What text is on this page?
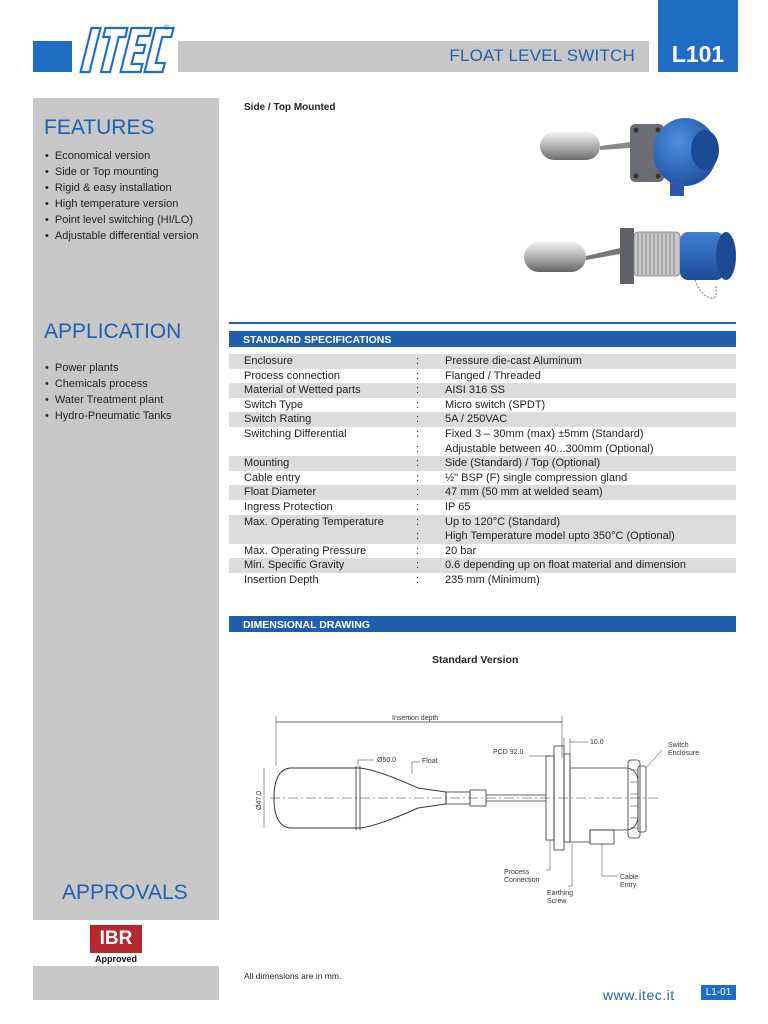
®
FLOAT LEVEL SWITCH	L101
FEATURES
• Economical version
• Side or Top mounting
• Rigid & easy installation
• High temperature version
• Point level switching (HI/LO)
• Adjustable differential version
APPLICATION
• Power plants
• Chemicals process
• Water Treatment plant
• Hydro-Pneumatic Tanks
APPROVALS
IBR
Approved
Side / Top Mounted
STANDARD SPECIFICATIONS
Enclosure	: Pressure die-cast Aluminum
Process connection	: Flanged / Threaded
Material of Wetted parts	: AISI 316 SS
Switch Type	: Micro switch (SPDT)
Switch Rating	: 5A / 250VAC
Switching Differential	: Fixed 3 – 30mm (max) ±5mm (Standard)
: Adjustable between 40...300mm (Optional)
Mounting	: Side (Standard) / Top (Optional)
Cable entry	: ½" BSP (F) single compression gland
Float Diameter	: 47 mm (50 mm at welded seam)
Ingress Protection	: IP 65
Max. Operating Temperature	: Up to 120°C (Standard)
: High Temperature model upto 350°C (Optional)
Max. Operating Pressure	: 20 bar
Min. Specific Gravity	: 0.6 depending up on float material and dimension
Insertion Depth	: 235 mm (Minimum)
DIMENSIONAL DRAWING
Standard Version
Insertion depth
Ø47.0
Ø50.0	Float
PCD 92.0
10.0	Switch
Enclosure
Process
Connection	Cable
Entry
Earthing
Screw
All dimensions are in mm.
www.itec.it	L1-01
